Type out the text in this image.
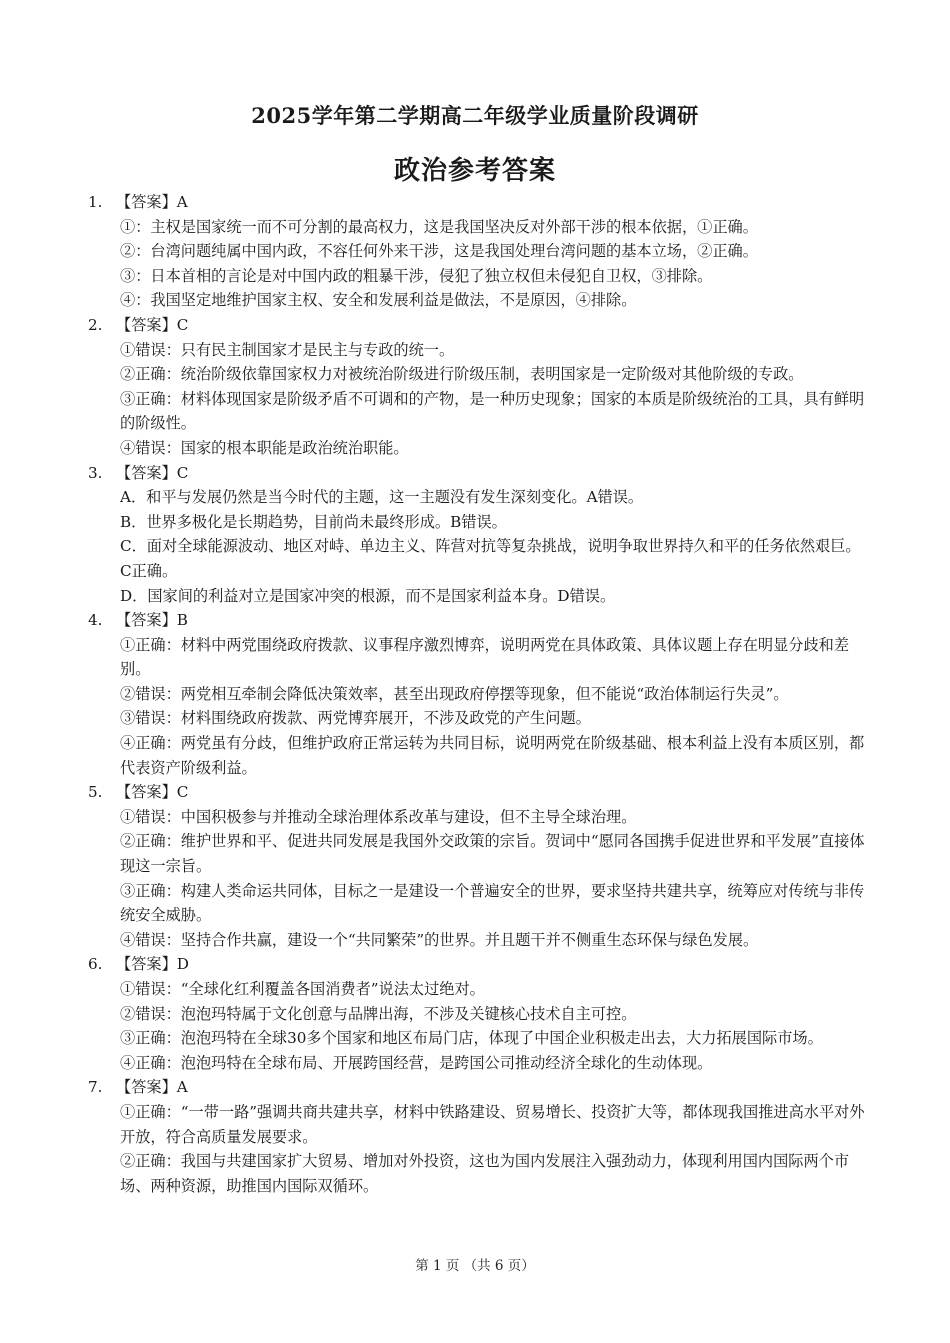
2025学年第二学期高二年级学业质量阶段调研
政治参考答案
1. 【答案】A
①：主权是国家统一而不可分割的最高权力，这是我国坚决反对外部干涉的根本依据，①正确。
②：台湾问题纯属中国内政，不容任何外来干涉，这是我国处理台湾问题的基本立场，②正确。
③：日本首相的言论是对中国内政的粗暴干涉，侵犯了独立权但未侵犯自卫权，③排除。
④：我国坚定地维护国家主权、安全和发展利益是做法，不是原因，④排除。
2. 【答案】C
①错误：只有民主制国家才是民主与专政的统一。
②正确：统治阶级依靠国家权力对被统治阶级进行阶级压制，表明国家是一定阶级对其他阶级的专政。
③正确：材料体现国家是阶级矛盾不可调和的产物，是一种历史现象；国家的本质是阶级统治的工具，具有鲜明的阶级性。
④错误：国家的根本职能是政治统治职能。
3. 【答案】C
A．和平与发展仍然是当今时代的主题，这一主题没有发生深刻变化。A错误。
B．世界多极化是长期趋势，目前尚未最终形成。B错误。
C．面对全球能源波动、地区对峙、单边主义、阵营对抗等复杂挑战，说明争取世界持久和平的任务依然艰巨。C正确。
D．国家间的利益对立是国家冲突的根源，而不是国家利益本身。D错误。
4. 【答案】B
①正确：材料中两党围绕政府拨款、议事程序激烈博弈，说明两党在具体政策、具体议题上存在明显分歧和差别。
②错误：两党相互牵制会降低决策效率，甚至出现政府停摆等现象，但不能说“政治体制运行失灵”。
③错误：材料围绕政府拨款、两党博弈展开，不涉及政党的产生问题。
④正确：两党虽有分歧，但维护政府正常运转为共同目标，说明两党在阶级基础、根本利益上没有本质区别，都代表资产阶级利益。
5. 【答案】C
①错误：中国积极参与并推动全球治理体系改革与建设，但不主导全球治理。
②正确：维护世界和平、促进共同发展是我国外交政策的宗旨。贺词中“愿同各国携手促进世界和平发展”直接体现这一宗旨。
③正确：构建人类命运共同体，目标之一是建设一个普遍安全的世界，要求坚持共建共享，统筹应对传统与非传统安全威胁。
④错误：坚持合作共赢，建设一个“共同繁荣”的世界。并且题干并不侧重生态环保与绿色发展。
6. 【答案】D
①错误：“全球化红利覆盖各国消费者”说法太过绝对。
②错误：泡泡玛特属于文化创意与品牌出海，不涉及关键核心技术自主可控。
③正确：泡泡玛特在全球30多个国家和地区布局门店，体现了中国企业积极走出去，大力拓展国际市场。
④正确：泡泡玛特在全球布局、开展跨国经营，是跨国公司推动经济全球化的生动体现。
7. 【答案】A
①正确：“一带一路”强调共商共建共享，材料中铁路建设、贸易增长、投资扩大等，都体现我国推进高水平对外开放，符合高质量发展要求。
②正确：我国与共建国家扩大贸易、增加对外投资，这也为国内发展注入强劲动力，体现利用国内国际两个市场、两种资源，助推国内国际双循环。
第 1 页 （共 6 页）
